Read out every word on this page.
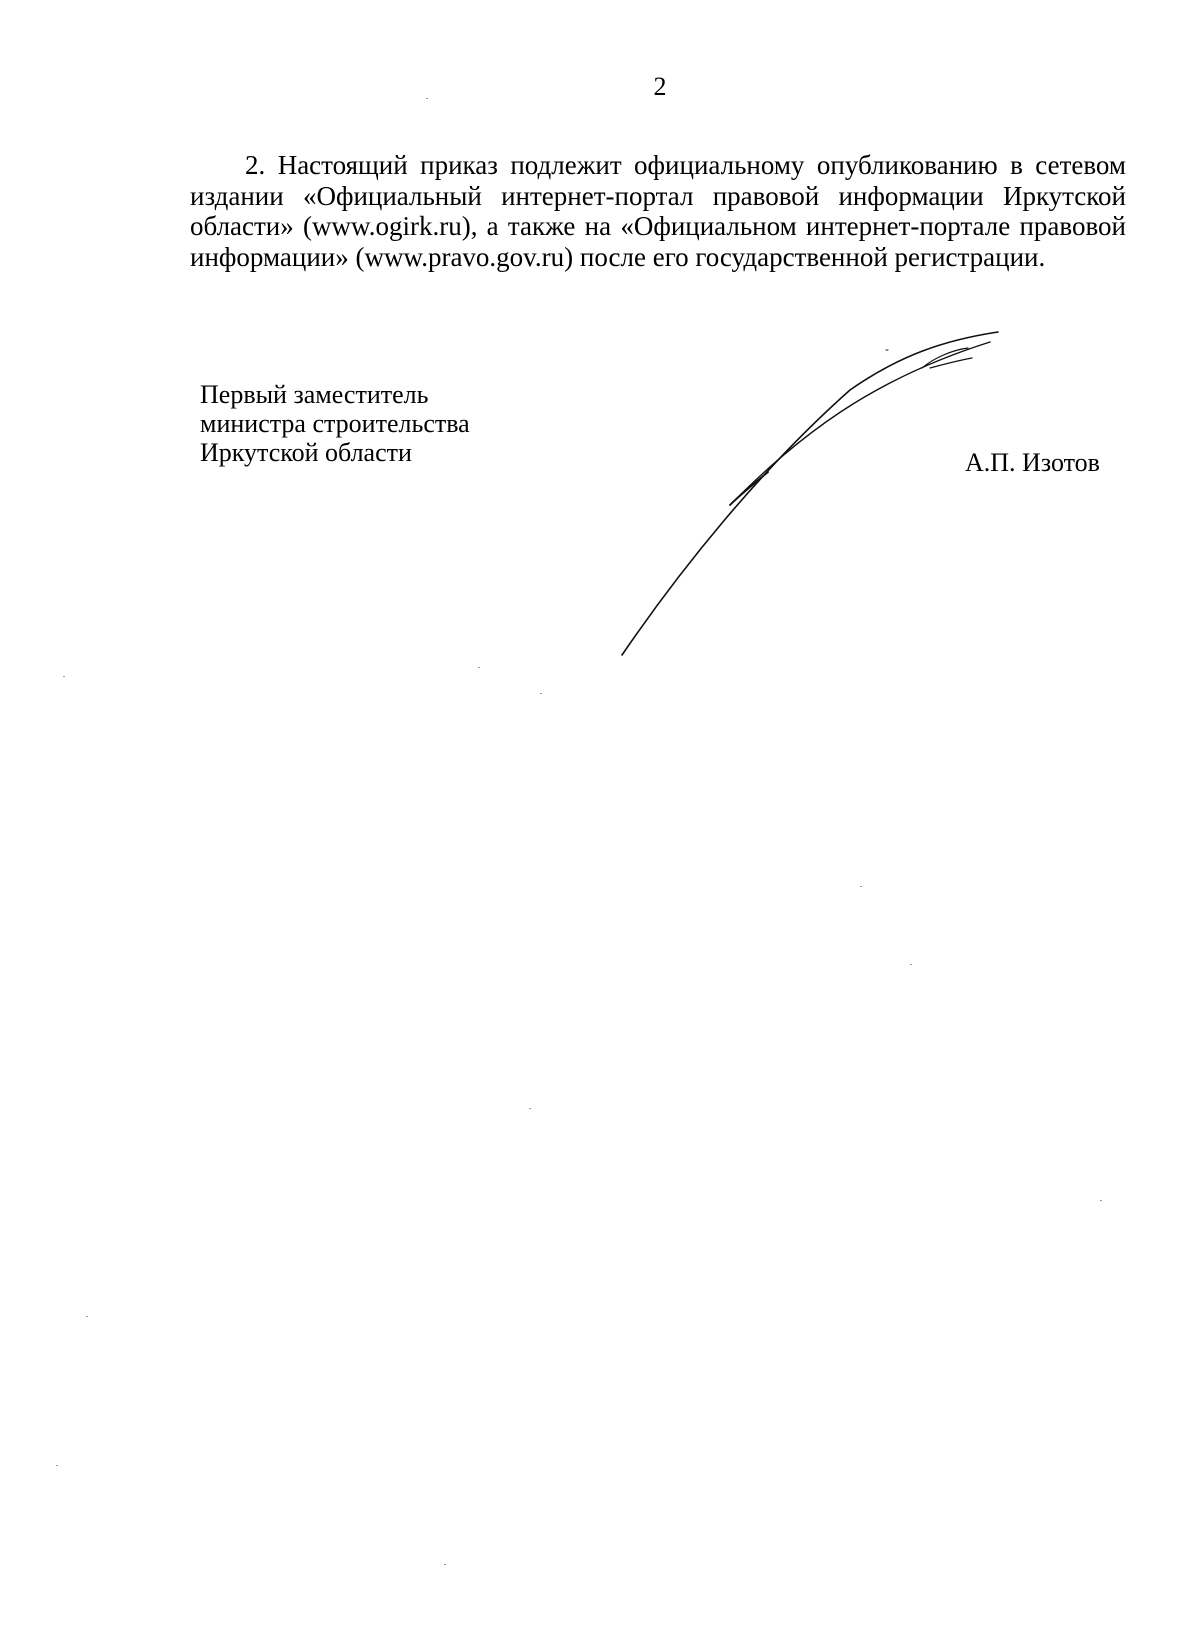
2

2. Настоящий приказ подлежит официальному опубликованию в сетевом издании «Официальный интернет-портал правовой информации Иркутской области» (www.ogirk.ru), а также на «Официальном интернет-портале правовой информации» (www.pravo.gov.ru) после его государственной регистрации.

Первый заместитель
министра строительства
Иркутской области	А.П. Изотов
